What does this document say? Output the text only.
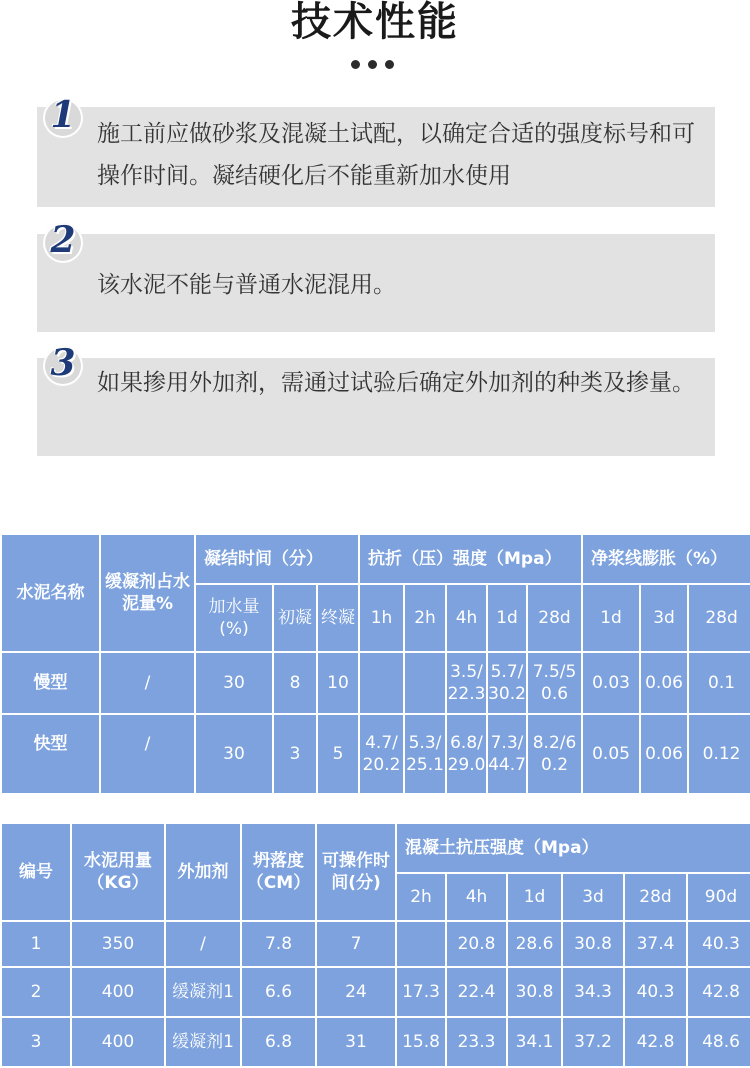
技术性能
施工前应做砂浆及混凝土试配，以确定合适的强度标号和可操作时间。凝结硬化后不能重新加水使用
1
该水泥不能与普通水泥混用。
2
如果掺用外加剂，需通过试验后确定外加剂的种类及掺量。
3
水泥名称	缓凝剂占水泥量%	凝结时间（分）			抗折（压）强度（Mpa）					净浆线膨胀（%）		
		加水量(%)	初凝	终凝	1h	2h	4h	1d	28d	1d	3d	28d
慢型	/	30	8	10			3.5/22.3	5.7/30.2	7.5/50.6	0.03	0.06	0.1
快型	/	30	3	5	4.7/20.2	5.3/25.1	6.8/29.0	7.3/44.7	8.2/60.2	0.05	0.06	0.12
编号	水泥用量（KG）	外加剂	坍落度（CM）	可操作时间(分)	混凝土抗压强度（Mpa）					
					2h	4h	1d	3d	28d	90d
1	350	/	7.8	7		20.8	28.6	30.8	37.4	40.3
2	400	缓凝剂1	6.6	24	17.3	22.4	30.8	34.3	40.3	42.8
3	400	缓凝剂1	6.8	31	15.8	23.3	34.1	37.2	42.8	48.6
